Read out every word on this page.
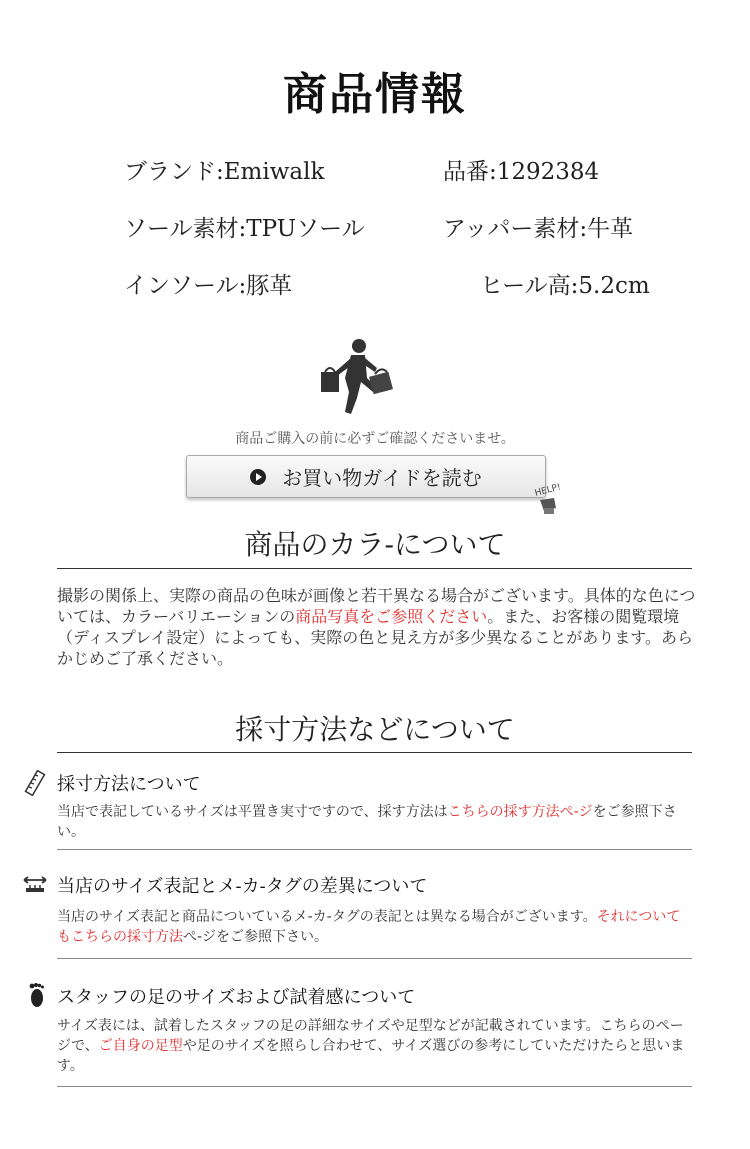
商品情報
ブランド:Emiwalk	品番:1292384
ソール素材:TPUソール	アッパー素材:牛革
インソール:豚革	ヒール高:5.2cm
商品ご購入の前に必ずご確認くださいませ。
お買い物ガイドを読む
HELP!
商品のカラ-について
撮影の関係上、実際の商品の色味が画像と若干異なる場合がございます。具体的な色については、カラーバリエーションの商品写真をご参照ください。また、お客様の閲覧環境（ディスプレイ設定）によっても、実際の色と見え方が多少異なることがあります。あらかじめご了承ください。
採寸方法などについて
採寸方法について
当店で表記しているサイズは平置き実寸ですので、採す方法はこちらの採す方法ぺ-ジをご参照下さい。
当店のサイズ表記とメ-カ-タグの差異について
当店のサイズ表記と商品についているメ-カ-タグの表記とは異なる場合がございます。それについてもこちらの採寸方法ぺ-ジをご参照下さい。
スタッフの足のサイズおよび試着感について
サイズ表には、試着したスタッフの足の詳細なサイズや足型などが記載されています。こちらのページで、ご自身の足型や足のサイズを照らし合わせて、サイズ選びの参考にしていただけたらと思います。
